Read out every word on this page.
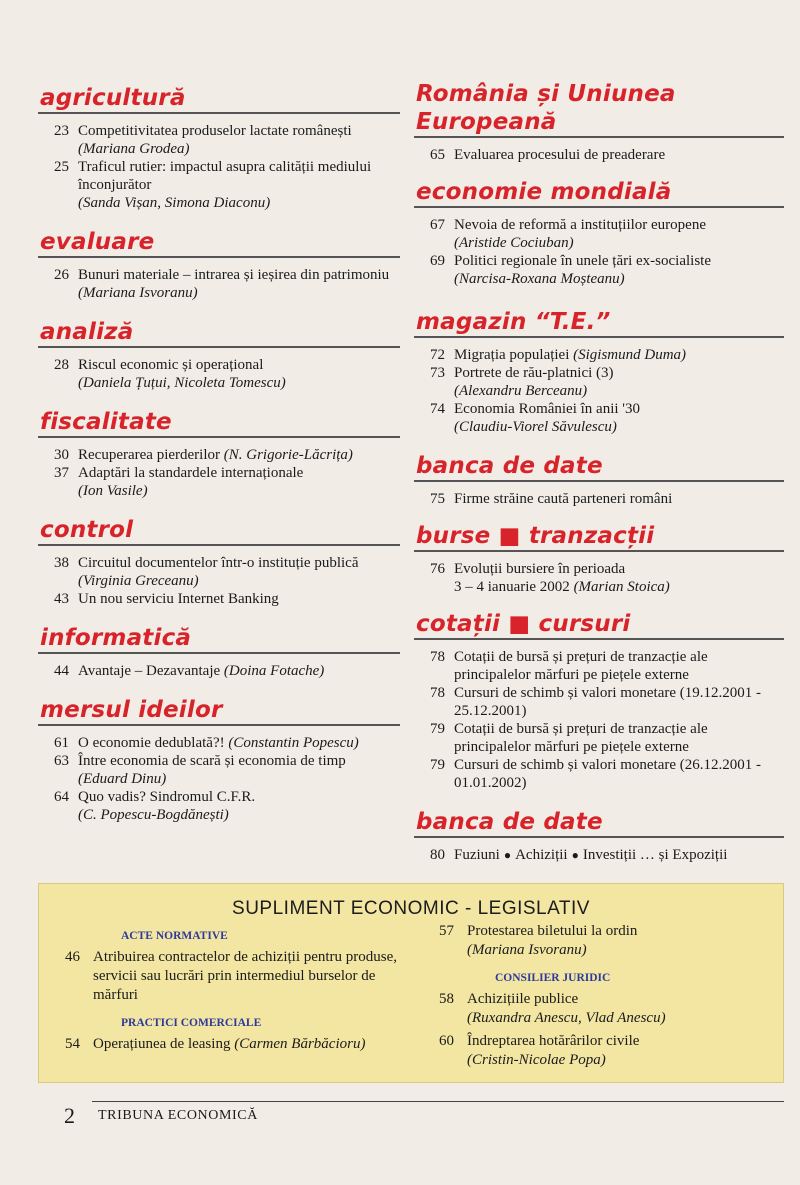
agricultură
23 Competitivitatea produselor lactate românești
(Mariana Grodea)
25 Traficul rutier: impactul asupra calității mediului înconjurător
(Sanda Vișan, Simona Diaconu)
evaluare
26 Bunuri materiale – intrarea și ieșirea din patrimoniu (Mariana Isvoranu)
analiză
28 Riscul economic și operațional
(Daniela Țuțui, Nicoleta Tomescu)
fiscalitate
30 Recuperarea pierderilor (N. Grigorie-Lăcrița)
37 Adaptări la standardele internaționale
(Ion Vasile)
control
38 Circuitul documentelor într-o instituție publică
(Virginia Greceanu)
43 Un nou serviciu Internet Banking
informatică
44 Avantaje – Dezavantaje (Doina Fotache)
mersul ideilor
61 O economie dedublată?! (Constantin Popescu)
63 Între economia de scară și economia de timp
(Eduard Dinu)
64 Quo vadis? Sindromul C.F.R.
(C. Popescu-Bogdănești)
România și Uniunea Europeană
65 Evaluarea procesului de preaderare
economie mondială
67 Nevoia de reformă a instituțiilor europene
(Aristide Cociuban)
69 Politici regionale în unele țări ex-socialiste
(Narcisa-Roxana Moșteanu)
magazin “T.E.”
72 Migrația populației (Sigismund Duma)
73 Portrete de rău-platnici (3)
(Alexandru Berceanu)
74 Economia României în anii '30
(Claudiu-Viorel Săvulescu)
banca de date
75 Firme străine caută parteneri români
burse ■ tranzacții
76 Evoluții bursiere în perioada
3 – 4 ianuarie 2002 (Marian Stoica)
cotații ■ cursuri
78 Cotații de bursă și prețuri de tranzacție ale principalelor mărfuri pe piețele externe
78 Cursuri de schimb și valori monetare (19.12.2001 - 25.12.2001)
79 Cotații de bursă și prețuri de tranzacție ale principalelor mărfuri pe piețele externe
79 Cursuri de schimb și valori monetare (26.12.2001 - 01.01.2002)
banca de date
80 Fuziuni ● Achiziții ● Investiții … și Expoziții
SUPLIMENT ECONOMIC - LEGISLATIV
ACTE NORMATIVE
46 Atribuirea contractelor de achiziții pentru produse, servicii sau lucrări prin intermediul burselor de mărfuri
PRACTICI COMERCIALE
54 Operațiunea de leasing (Carmen Bărbăcioru)
57 Protestarea biletului la ordin
(Mariana Isvoranu)
CONSILIER JURIDIC
58 Achizițiile publice
(Ruxandra Anescu, Vlad Anescu)
60 Îndreptarea hotărârilor civile
(Cristin-Nicolae Popa)
2 TRIBUNA ECONOMICĂ
